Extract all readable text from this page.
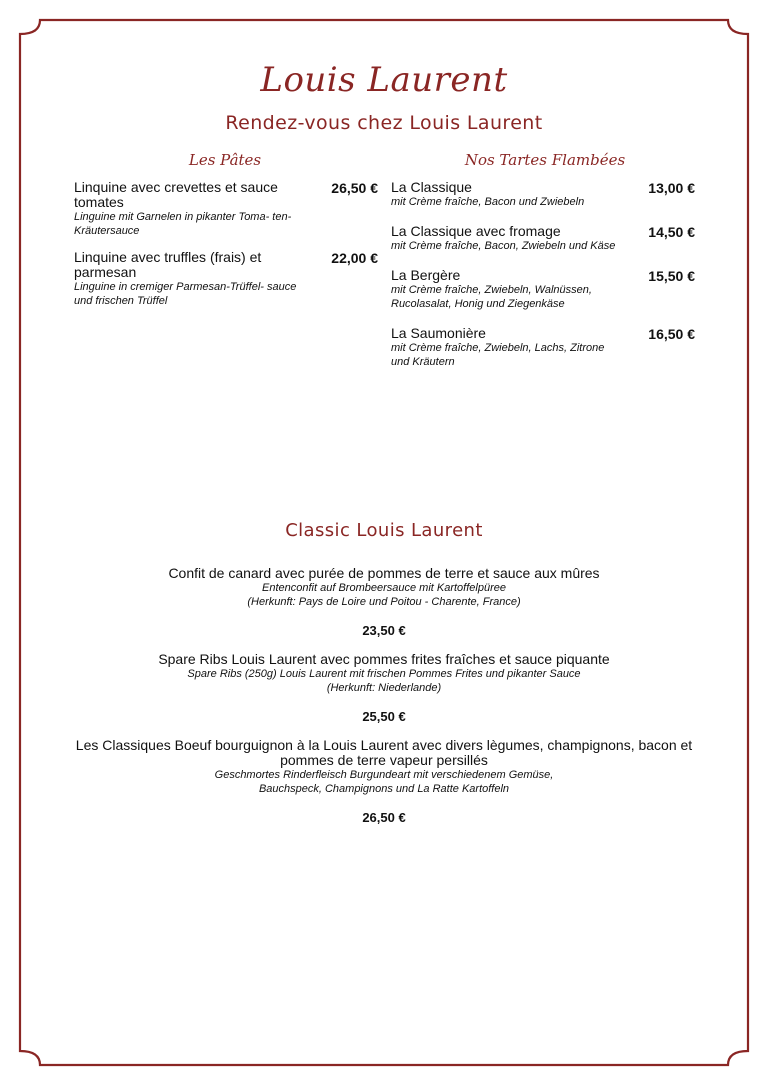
Louis Laurent
Rendez-vous chez Louis Laurent
Les Pâtes	Nos Tartes Flambées
Linquine avec crevettes et sauce tomates
Linguine mit Garnelen in pikanter Toma- ten-Kräutersauce
26,50 €
Linquine avec truffles (frais) et parmesan
Linguine in cremiger Parmesan-Trüffel- sauce und frischen Trüffel
22,00 €
La Classique
mit Crème fraîche, Bacon und Zwiebeln
13,00 €
La Classique avec fromage
mit Crème fraîche, Bacon, Zwiebeln und Käse
14,50 €
La Bergère
mit Crème fraîche, Zwiebeln, Walnüssen, Rucolasalat, Honig und Ziegenkäse
15,50 €
La Saumonière
mit Crème fraîche, Zwiebeln, Lachs, Zitrone und Kräutern
16,50 €
Classic Louis Laurent
Confit de canard avec purée de pommes de terre et sauce aux mûres
Entenconfit auf Brombeersauce mit Kartoffelpüree
(Herkunft: Pays de Loire und Poitou - Charente, France)
23,50 €
Spare Ribs Louis Laurent avec pommes frites fraîches et sauce piquante
Spare Ribs (250g) Louis Laurent mit frischen Pommes Frites und pikanter Sauce
(Herkunft: Niederlande)
25,50 €
Les Classiques Boeuf bourguignon à la Louis Laurent avec divers lègumes, champignons, bacon et pommes de terre vapeur persillés
Geschmortes Rinderfleisch Burgundeart mit verschiedenem Gemüse,
Bauchspeck, Champignons und La Ratte Kartoffeln
26,50 €
